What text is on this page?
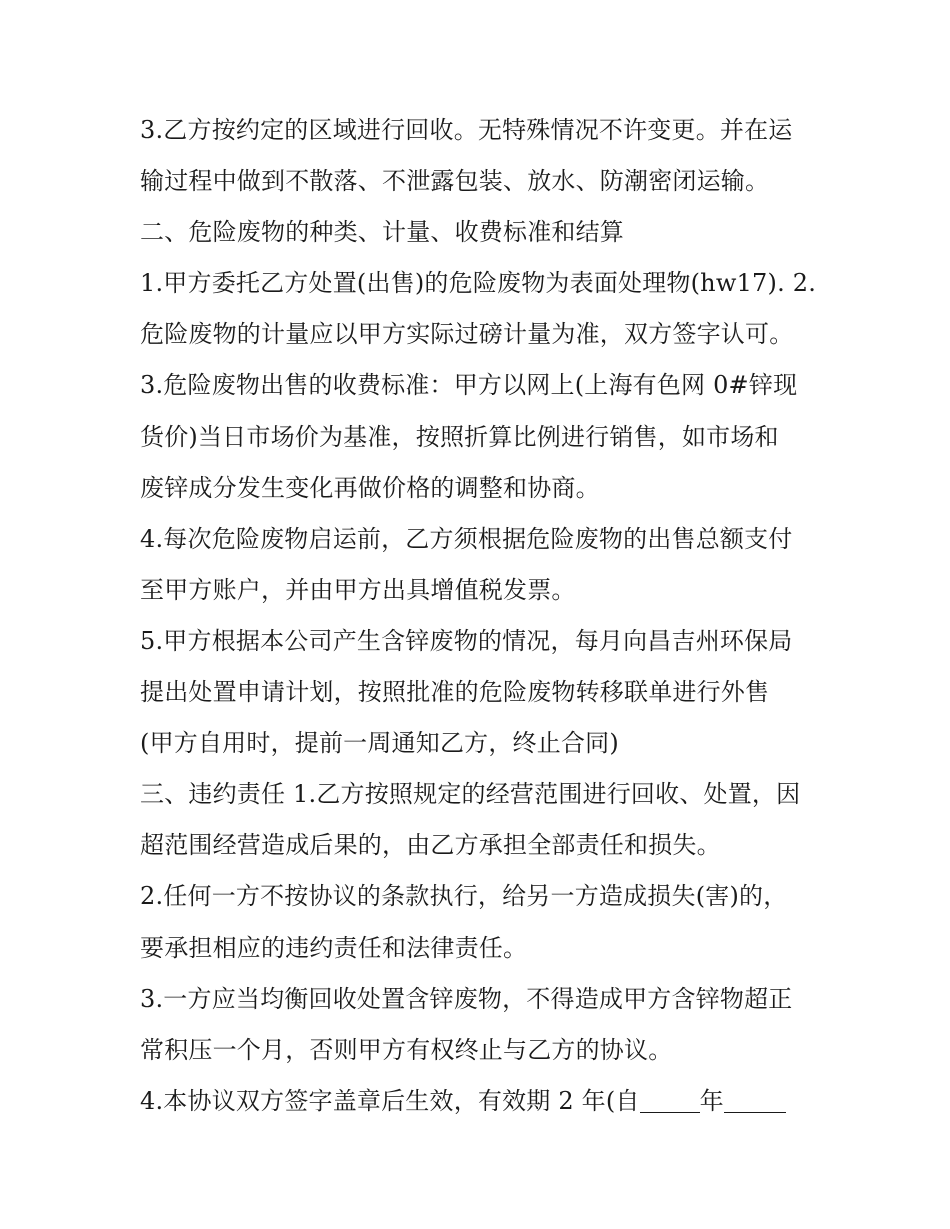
3.乙方按约定的区域进行回收。无特殊情况不许变更。并在运
输过程中做到不散落、不泄露包装、放水、防潮密闭运输。
二、危险废物的种类、计量、收费标准和结算
1.甲方委托乙方处置(出售)的危险废物为表面处理物(hw17). 2.
危险废物的计量应以甲方实际过磅计量为准，双方签字认可。
3.危险废物出售的收费标准：甲方以网上(上海有色网 0#锌现
货价)当日市场价为基准，按照折算比例进行销售，如市场和
废锌成分发生变化再做价格的调整和协商。
4.每次危险废物启运前，乙方须根据危险废物的出售总额支付
至甲方账户，并由甲方出具增值税发票。
5.甲方根据本公司产生含锌废物的情况，每月向昌吉州环保局
提出处置申请计划，按照批准的危险废物转移联单进行外售
(甲方自用时，提前一周通知乙方，终止合同)
三、违约责任 1.乙方按照规定的经营范围进行回收、处置，因
超范围经营造成后果的，由乙方承担全部责任和损失。
2.任何一方不按协议的条款执行，给另一方造成损失(害)的，
要承担相应的违约责任和法律责任。
3.一方应当均衡回收处置含锌废物，不得造成甲方含锌物超正
常积压一个月，否则甲方有权终止与乙方的协议。
4.本协议双方签字盖章后生效，有效期 2 年(自	年
